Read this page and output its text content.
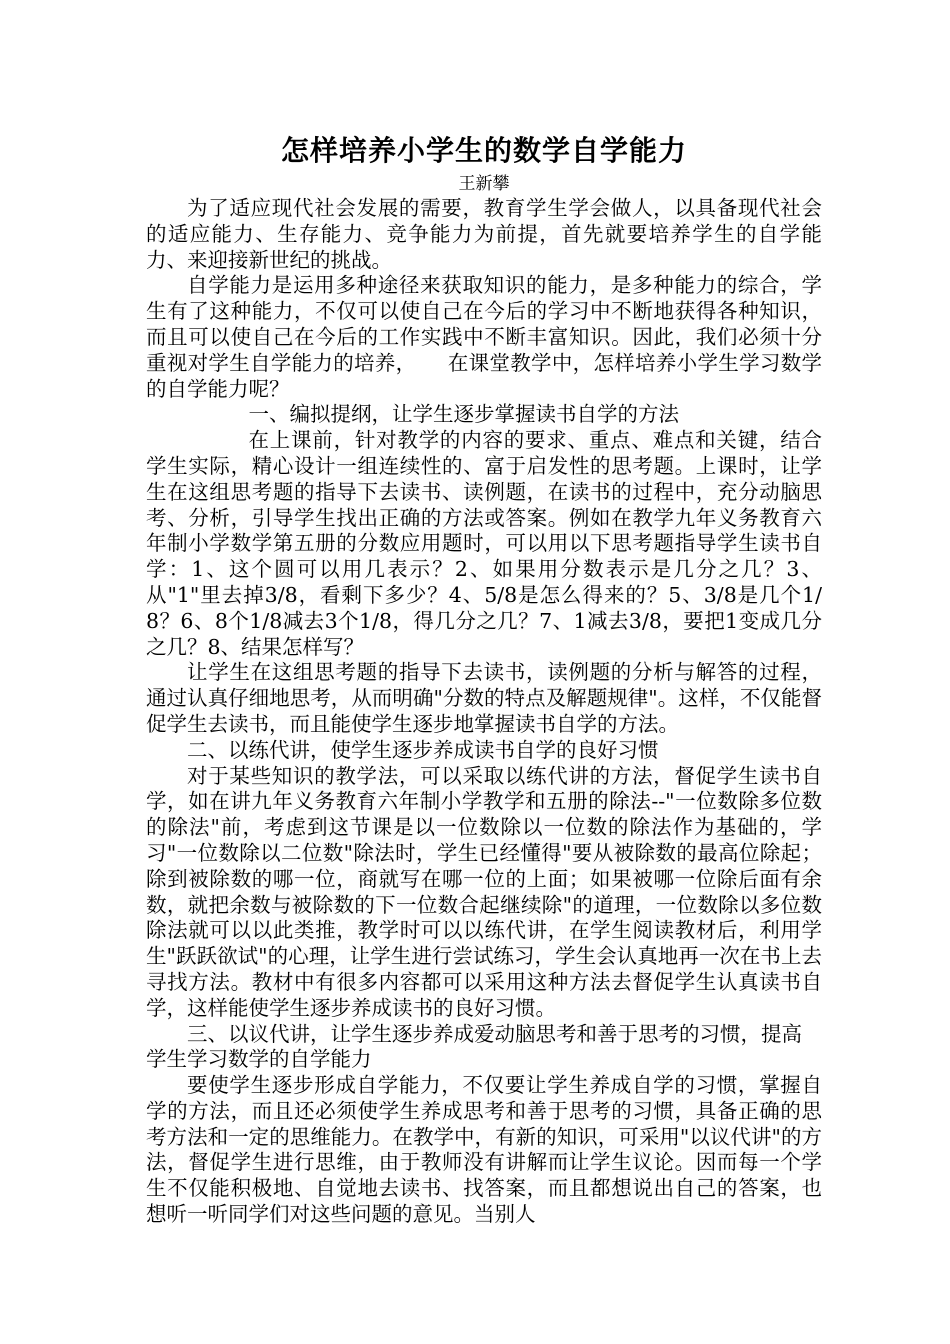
怎样培养小学生的数学自学能力

王新攀

为了适应现代社会发展的需要，教育学生学会做人，以具备现代社会的适应能力、生存能力、竞争能力为前提，首先就要培养学生的自学能力、来迎接新世纪的挑战。

自学能力是运用多种途径来获取知识的能力，是多种能力的综合，学生有了这种能力，不仅可以使自己在今后的学习中不断地获得各种知识，而且可以使自己在今后的工作实践中不断丰富知识。因此，我们必须十分重视对学生自学能力的培养，　　在课堂教学中，怎样培养小学生学习数学的自学能力呢？

一、编拟提纲，让学生逐步掌握读书自学的方法

在上课前，针对教学的内容的要求、重点、难点和关键，结合学生实际，精心设计一组连续性的、富于启发性的思考题。上课时，让学生在这组思考题的指导下去读书、读例题，在读书的过程中，充分动脑思考、分析，引导学生找出正确的方法或答案。例如在教学九年义务教育六年制小学数学第五册的分数应用题时，可以用以下思考题指导学生读书自学：1、这个圆可以用几表示？2、如果用分数表示是几分之几？3、从"1"里去掉3/8，看剩下多少？4、5/8是怎么得来的？5、3/8是几个1/8？6、8个1/8减去3个1/8，得几分之几？7、1减去3/8，要把1变成几分之几？8、结果怎样写？

让学生在这组思考题的指导下去读书，读例题的分析与解答的过程，通过认真仔细地思考，从而明确"分数的特点及解题规律"。这样，不仅能督促学生去读书，而且能使学生逐步地掌握读书自学的方法。

二、以练代讲，使学生逐步养成读书自学的良好习惯

对于某些知识的教学法，可以采取以练代讲的方法，督促学生读书自学，如在讲九年义务教育六年制小学教学和五册的除法--"一位数除多位数的除法"前，考虑到这节课是以一位数除以一位数的除法作为基础的，学习"一位数除以二位数"除法时，学生已经懂得"要从被除数的最高位除起；除到被除数的哪一位，商就写在哪一位的上面；如果被哪一位除后面有余数，就把余数与被除数的下一位数合起继续除"的道理，一位数除以多位数除法就可以以此类推，教学时可以以练代讲，在学生阅读教材后，利用学生"跃跃欲试"的心理，让学生进行尝试练习，学生会认真地再一次在书上去寻找方法。教材中有很多内容都可以采用这种方法去督促学生认真读书自学，这样能使学生逐步养成读书的良好习惯。

三、以议代讲，让学生逐步养成爱动脑思考和善于思考的习惯，提高学生学习数学的自学能力

要使学生逐步形成自学能力，不仅要让学生养成自学的习惯，掌握自学的方法，而且还必须使学生养成思考和善于思考的习惯，具备正确的思考方法和一定的思维能力。在教学中，有新的知识，可采用"以议代讲"的方法，督促学生进行思维，由于教师没有讲解而让学生议论。因而每一个学生不仅能积极地、自觉地去读书、找答案，而且都想说出自己的答案，也想听一听同学们对这些问题的意见。当别人
